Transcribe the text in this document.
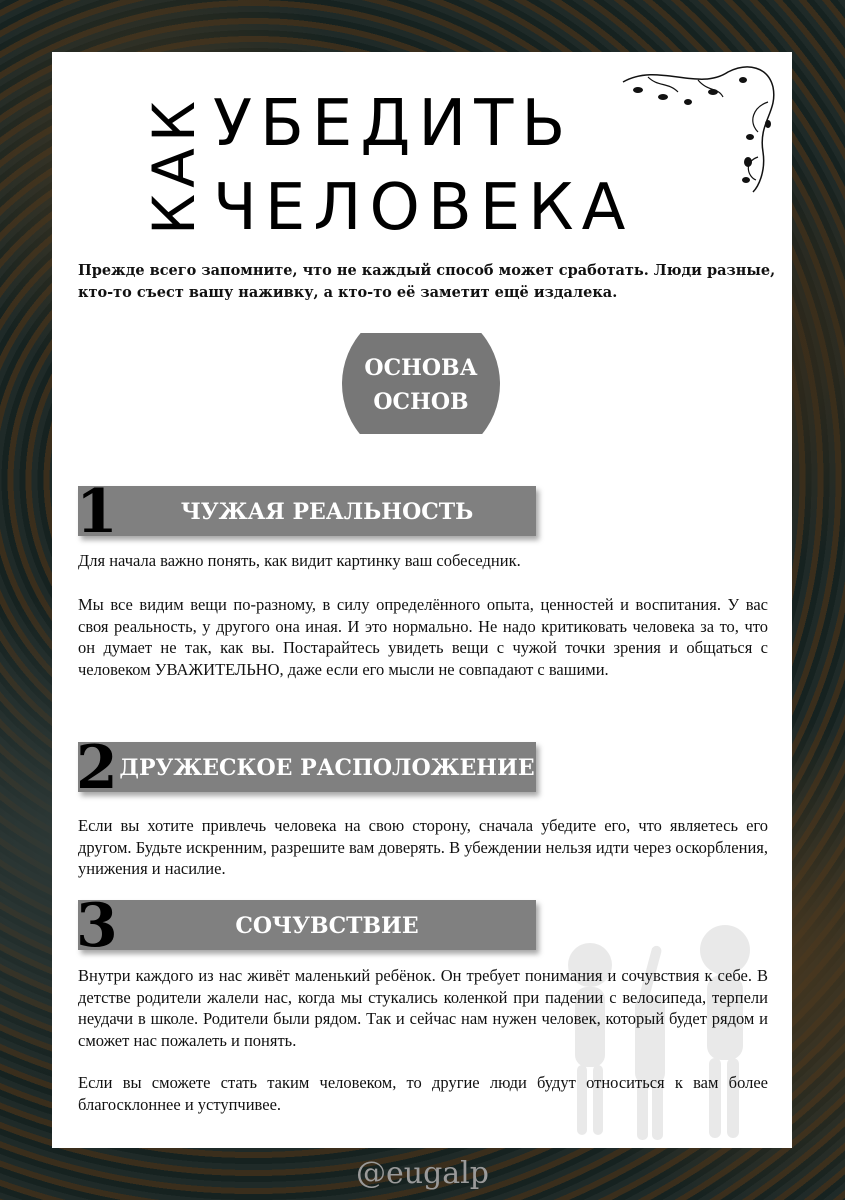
КАК УБЕДИТЬ
ЧЕЛОВЕКА
Прежде всего запомните, что не каждый способ может сработать. Люди разные, кто-то съест вашу наживку, а кто-то её заметит ещё издалека.
ОСНОВА
ОСНОВ
ЧУЖАЯ РЕАЛЬНОСТЬ
1
Для начала важно понять, как видит картинку ваш собеседник.
Мы все видим вещи по-разному, в силу определённого опыта, ценностей и воспитания. У вас своя реальность, у другого она иная. И это нормально. Не надо критиковать человека за то, что он думает не так, как вы. Постарайтесь увидеть вещи с чужой точки зрения и общаться с человеком УВАЖИТЕЛЬНО, даже если его мысли не совпадают с вашими.
ДРУЖЕСКОЕ РАСПОЛОЖЕНИЕ
2
Если вы хотите привлечь человека на свою сторону, сначала убедите его, что являетесь его другом. Будьте искренним, разрешите вам доверять. В убеждении нельзя идти через оскорбления, унижения и насилие.
СОЧУВСТВИЕ
3
Внутри каждого из нас живёт маленький ребёнок. Он требует понимания и сочувствия к себе. В детстве родители жалели нас, когда мы стукались коленкой при падении с велосипеда, терпели неудачи в школе. Родители были рядом. Так и сейчас нам нужен человек, который будет рядом и сможет нас пожалеть и понять.
Если вы сможете стать таким человеком, то другие люди будут относиться к вам более благосклоннее и уступчивее.
@eugalp
